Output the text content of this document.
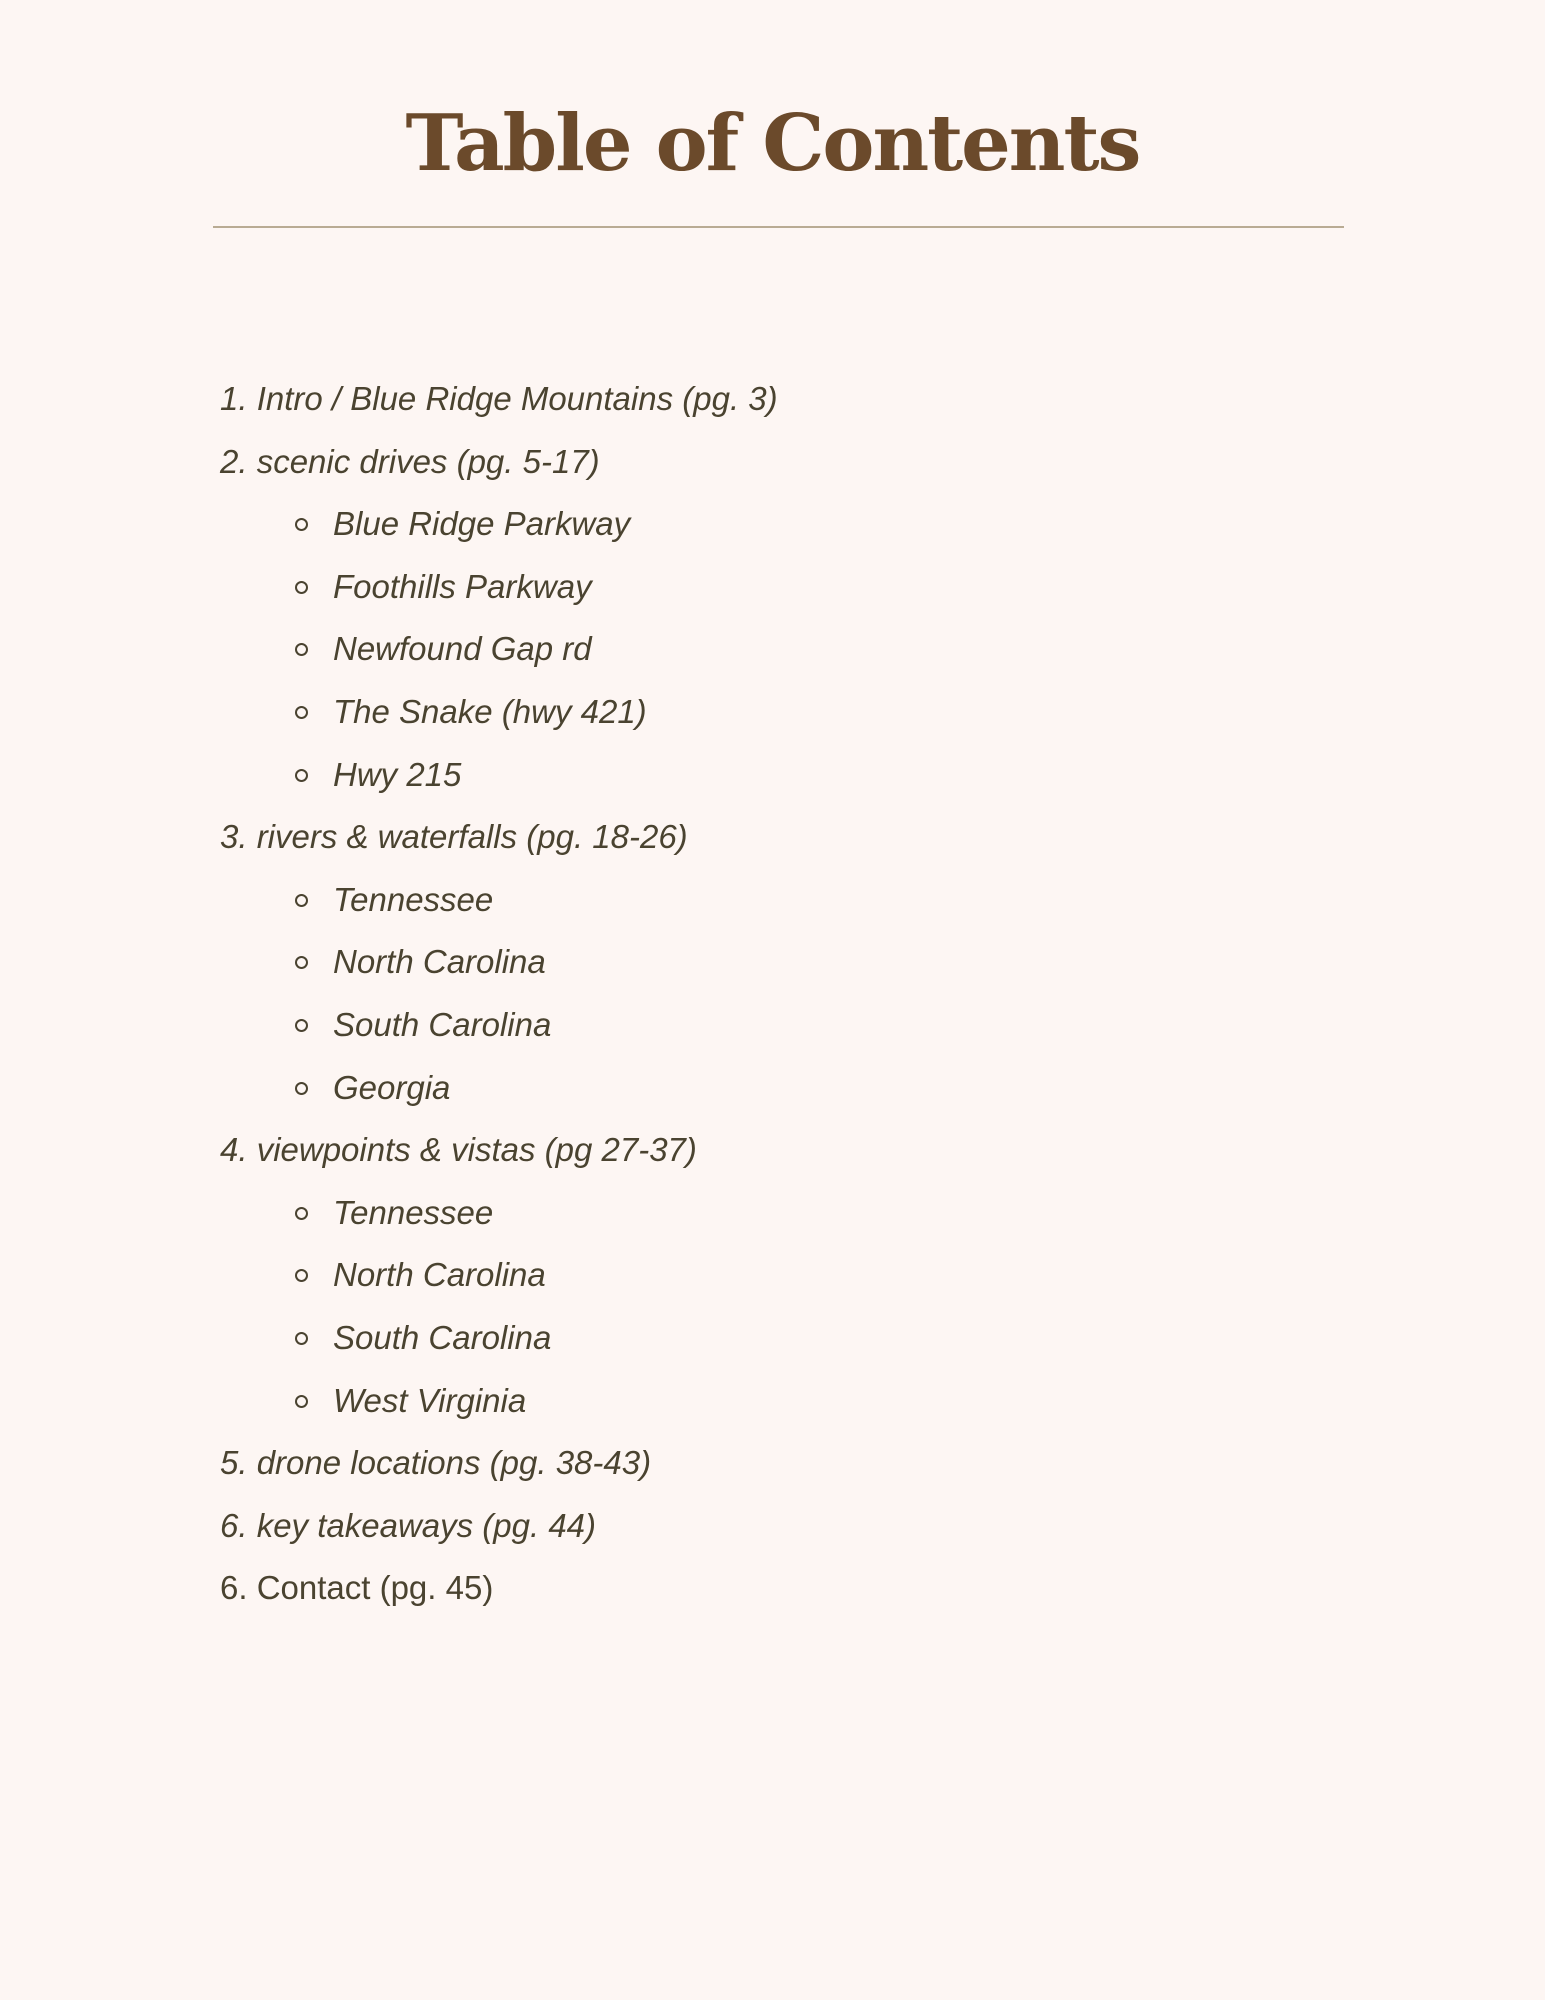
Table of Contents
1. Intro / Blue Ridge Mountains (pg. 3)
2. scenic drives (pg. 5-17)
Blue Ridge Parkway
Foothills Parkway
Newfound Gap rd
The Snake (hwy 421)
Hwy 215
3. rivers & waterfalls (pg. 18-26)
Tennessee
North Carolina
South Carolina
Georgia
4. viewpoints & vistas (pg 27-37)
Tennessee
North Carolina
South Carolina
West Virginia
5. drone locations (pg. 38-43)
6. key takeaways (pg. 44)
6. Contact (pg. 45)
